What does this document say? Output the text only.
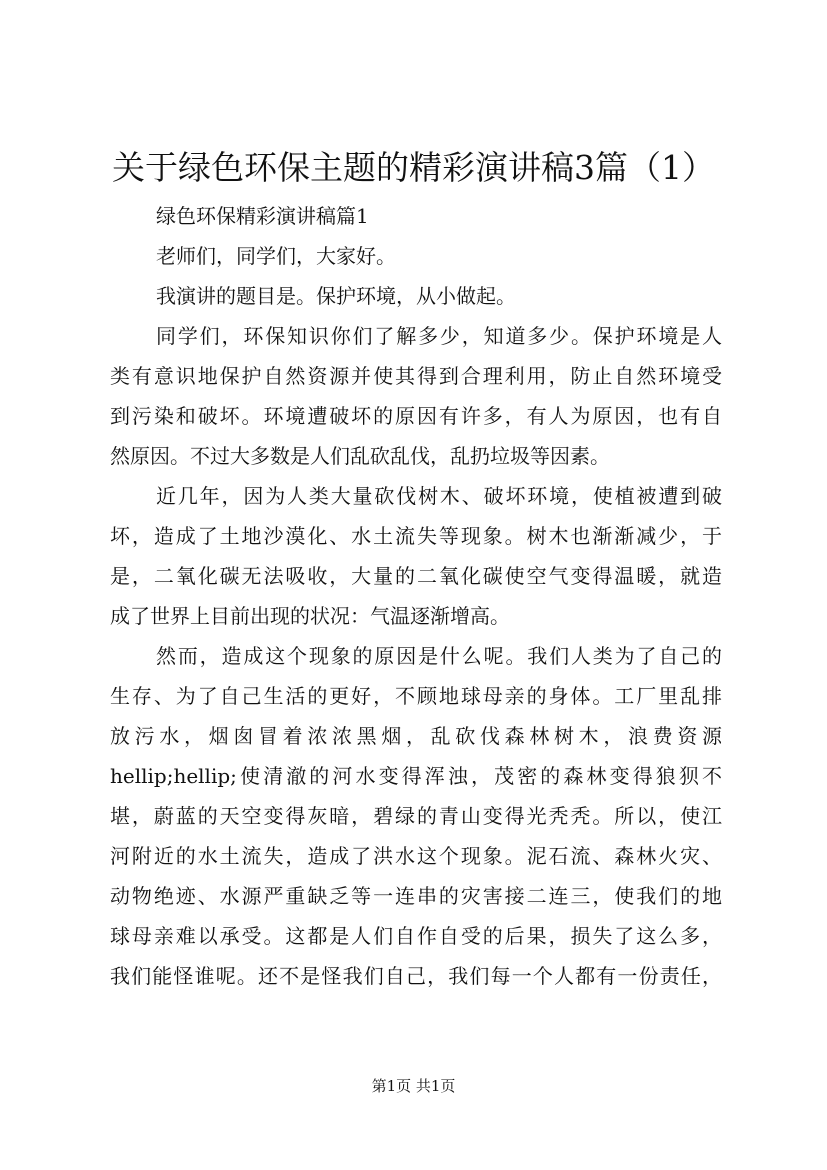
关于绿色环保主题的精彩演讲稿3篇（1）
绿色环保精彩演讲稿篇1
老师们，同学们，大家好。
我演讲的题目是。保护环境，从小做起。
同学们，环保知识你们了解多少，知道多少。保护环境是人
类有意识地保护自然资源并使其得到合理利用，防止自然环境受
到污染和破坏。环境遭破坏的原因有许多，有人为原因，也有自
然原因。不过大多数是人们乱砍乱伐，乱扔垃圾等因素。
近几年，因为人类大量砍伐树木、破坏环境，使植被遭到破
坏，造成了土地沙漠化、水土流失等现象。树木也渐渐减少，于
是，二氧化碳无法吸收，大量的二氧化碳使空气变得温暖，就造
成了世界上目前出现的状况：气温逐渐增高。
然而，造成这个现象的原因是什么呢。我们人类为了自己的
生存、为了自己生活的更好，不顾地球母亲的身体。工厂里乱排
放污水，烟囱冒着浓浓黑烟，乱砍伐森林树木，浪费资源
hellip;hellip;使清澈的河水变得浑浊，茂密的森林变得狼狈不
堪，蔚蓝的天空变得灰暗，碧绿的青山变得光秃秃。所以，使江
河附近的水土流失，造成了洪水这个现象。泥石流、森林火灾、
动物绝迹、水源严重缺乏等一连串的灾害接二连三，使我们的地
球母亲难以承受。这都是人们自作自受的后果，损失了这么多，
我们能怪谁呢。还不是怪我们自己，我们每一个人都有一份责任，
第1页 共1页
